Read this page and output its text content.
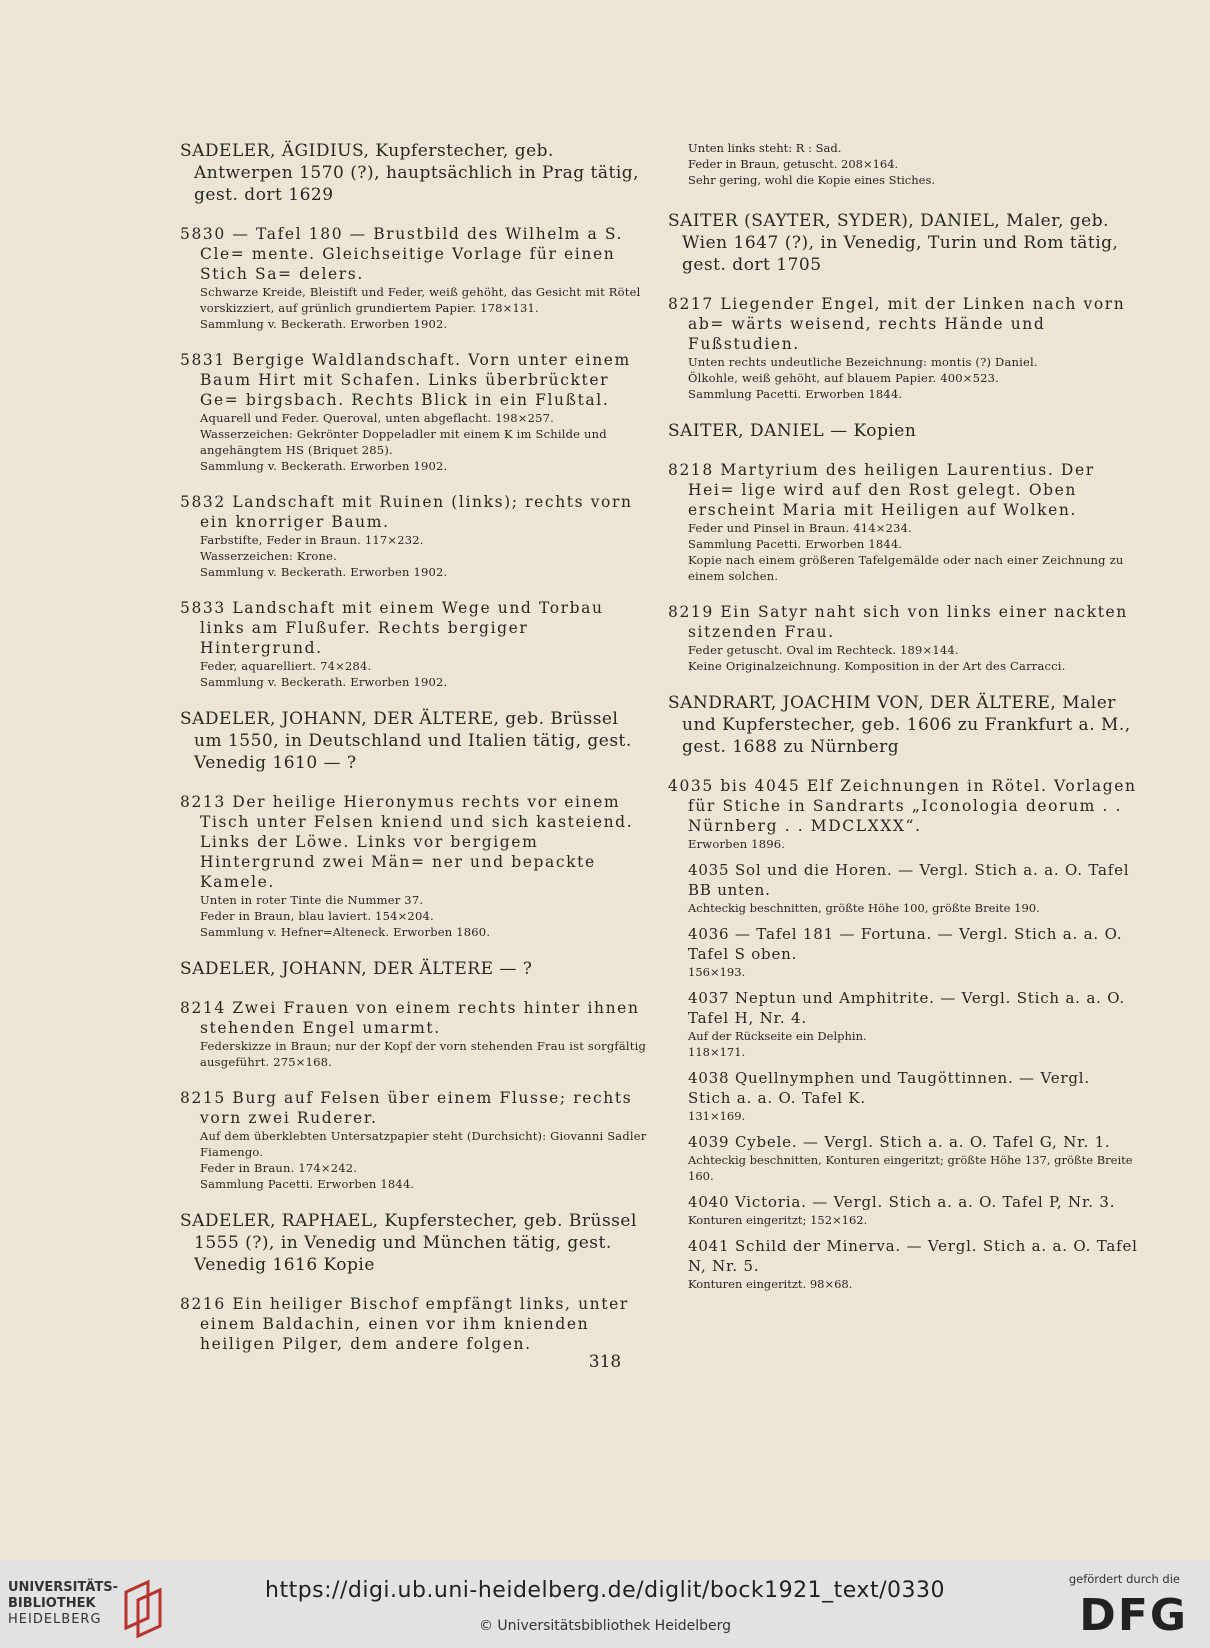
SADELER, ÄGIDIUS, Kupferstecher, geb. Antwerpen 1570 (?), hauptsächlich in Prag tätig, gest. dort 1629
5830 — Tafel 180 — Brustbild des Wilhelm a S. Cle= mente. Gleichseitige Vorlage für einen Stich Sa= delers.
Schwarze Kreide, Bleistift und Feder, weiß gehöht, das Gesicht mit Rötel vorskizziert, auf grünlich grundiertem Papier. 178×131.
Sammlung v. Beckerath. Erworben 1902.
5831 Bergige Waldlandschaft. Vorn unter einem Baum Hirt mit Schafen. Links überbrückter Ge= birgsbach. Rechts Blick in ein Flußtal.
Aquarell und Feder. Queroval, unten abgeflacht. 198×257.
Wasserzeichen: Gekrönter Doppeladler mit einem K im Schilde und angehängtem HS (Briquet 285).
Sammlung v. Beckerath. Erworben 1902.
5832 Landschaft mit Ruinen (links); rechts vorn ein knorriger Baum.
Farbstifte, Feder in Braun. 117×232.
Wasserzeichen: Krone.
Sammlung v. Beckerath. Erworben 1902.
5833 Landschaft mit einem Wege und Torbau links am Flußufer. Rechts bergiger Hintergrund.
Feder, aquarelliert. 74×284.
Sammlung v. Beckerath. Erworben 1902.
SADELER, JOHANN, DER ÄLTERE, geb. Brüssel um 1550, in Deutschland und Italien tätig, gest. Venedig 1610 — ?
8213 Der heilige Hieronymus rechts vor einem Tisch unter Felsen kniend und sich kasteiend. Links der Löwe. Links vor bergigem Hintergrund zwei Män= ner und bepackte Kamele.
Unten in roter Tinte die Nummer 37.
Feder in Braun, blau laviert. 154×204.
Sammlung v. Hefner=Alteneck. Erworben 1860.
SADELER, JOHANN, DER ÄLTERE — ?
8214 Zwei Frauen von einem rechts hinter ihnen stehenden Engel umarmt.
Federskizze in Braun; nur der Kopf der vorn stehenden Frau ist sorgfältig ausgeführt. 275×168.
8215 Burg auf Felsen über einem Flusse; rechts vorn zwei Ruderer.
Auf dem überklebten Untersatzpapier steht (Durchsicht): Giovanni Sadler Fiamengo.
Feder in Braun. 174×242.
Sammlung Pacetti. Erworben 1844.
SADELER, RAPHAEL, Kupferstecher, geb. Brüssel 1555 (?), in Venedig und München tätig, gest. Venedig 1616 Kopie
8216 Ein heiliger Bischof empfängt links, unter einem Baldachin, einen vor ihm knienden heiligen Pilger, dem andere folgen.
Unten links steht: R : Sad.
Feder in Braun, getuscht. 208×164.
Sehr gering, wohl die Kopie eines Stiches.
SAITER (SAYTER, SYDER), DANIEL, Maler, geb. Wien 1647 (?), in Venedig, Turin und Rom tätig, gest. dort 1705
8217 Liegender Engel, mit der Linken nach vorn ab= wärts weisend, rechts Hände und Fußstudien.
Unten rechts undeutliche Bezeichnung: montis (?) Daniel.
Ölkohle, weiß gehöht, auf blauem Papier. 400×523.
Sammlung Pacetti. Erworben 1844.
SAITER, DANIEL — Kopien
8218 Martyrium des heiligen Laurentius. Der Hei= lige wird auf den Rost gelegt. Oben erscheint Maria mit Heiligen auf Wolken.
Feder und Pinsel in Braun. 414×234.
Sammlung Pacetti. Erworben 1844.
Kopie nach einem größeren Tafelgemälde oder nach einer Zeichnung zu einem solchen.
8219 Ein Satyr naht sich von links einer nackten sitzenden Frau.
Feder getuscht. Oval im Rechteck. 189×144.
Keine Originalzeichnung. Komposition in der Art des Carracci.
SANDRART, JOACHIM VON, DER ÄLTERE, Maler und Kupferstecher, geb. 1606 zu Frankfurt a. M., gest. 1688 zu Nürnberg
4035 bis 4045 Elf Zeichnungen in Rötel. Vorlagen für Stiche in Sandrarts „Iconologia deorum . . Nürnberg . . MDCLXXX“.
Erworben 1896.
4035 Sol und die Horen. — Vergl. Stich a. a. O. Tafel BB unten.
Achteckig beschnitten, größte Höhe 100, größte Breite 190.
4036 — Tafel 181 — Fortuna. — Vergl. Stich a. a. O. Tafel S oben.
156×193.
4037 Neptun und Amphitrite. — Vergl. Stich a. a. O. Tafel H, Nr. 4.
Auf der Rückseite ein Delphin.
118×171.
4038 Quellnymphen und Taugöttinnen. — Vergl. Stich a. a. O. Tafel K.
131×169.
4039 Cybele. — Vergl. Stich a. a. O. Tafel G, Nr. 1.
Achteckig beschnitten, Konturen eingeritzt; größte Höhe 137, größte Breite 160.
4040 Victoria. — Vergl. Stich a. a. O. Tafel P, Nr. 3.
Konturen eingeritzt; 152×162.
4041 Schild der Minerva. — Vergl. Stich a. a. O. Tafel N, Nr. 5.
Konturen eingeritzt. 98×68.
318
UNIVERSITÄTS-
BIBLIOTHEK
HEIDELBERG
https://digi.ub.uni-heidelberg.de/diglit/bock1921_text/0330
© Universitätsbibliothek Heidelberg
gefördert durch die
DFG
